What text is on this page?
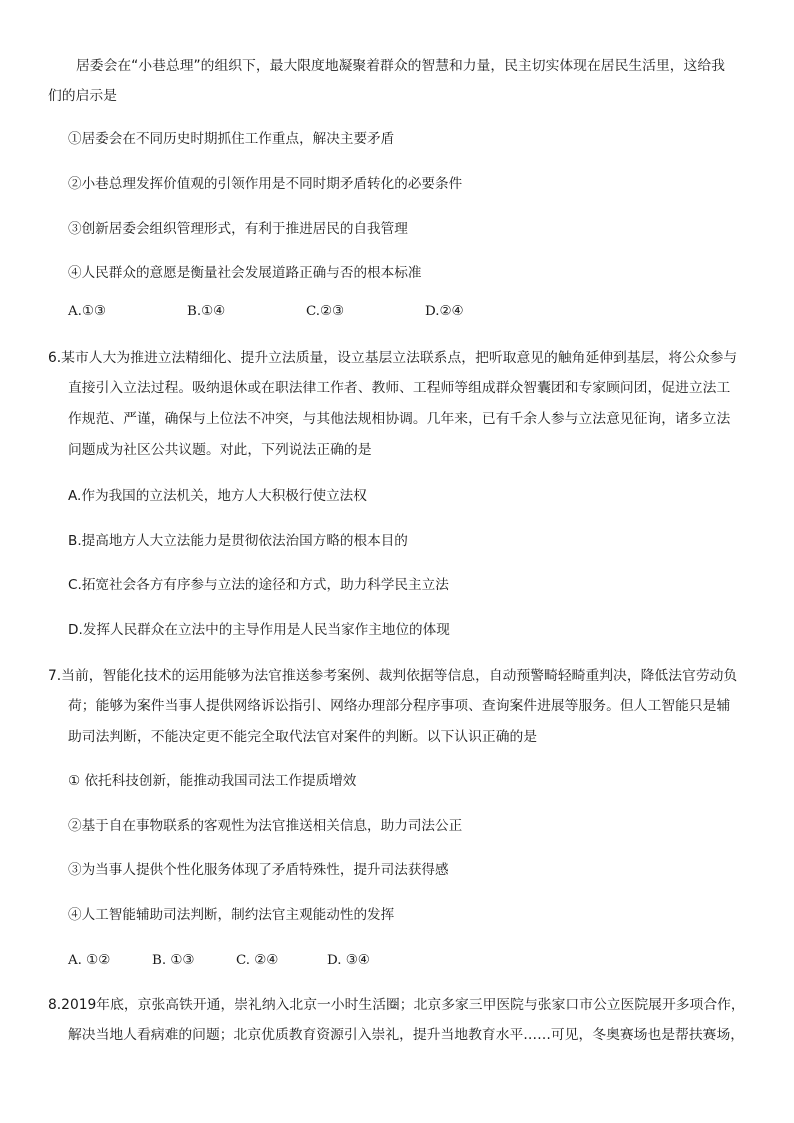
居委会在“小巷总理”的组织下，最大限度地凝聚着群众的智慧和力量，民主切实体现在居民生活里，这给我
们的启示是
①居委会在不同历史时期抓住工作重点，解决主要矛盾
②小巷总理发挥价值观的引领作用是不同时期矛盾转化的必要条件
③创新居委会组织管理形式，有利于推进居民的自我管理
④人民群众的意愿是衡量社会发展道路正确与否的根本标准
A.①③	B.①④	C.②③	D.②④
6.某市人大为推进立法精细化、提升立法质量，设立基层立法联系点，把听取意见的触角延伸到基层，将公众参与
直接引入立法过程。吸纳退休或在职法律工作者、教师、工程师等组成群众智囊团和专家顾问团，促进立法工
作规范、严谨，确保与上位法不冲突，与其他法规相协调。几年来，已有千余人参与立法意见征询，诸多立法
问题成为社区公共议题。对此，下列说法正确的是
A.作为我国的立法机关，地方人大积极行使立法权
B.提高地方人大立法能力是贯彻依法治国方略的根本目的
C.拓宽社会各方有序参与立法的途径和方式，助力科学民主立法
D.发挥人民群众在立法中的主导作用是人民当家作主地位的体现
7.当前，智能化技术的运用能够为法官推送参考案例、裁判依据等信息，自动预警畸轻畸重判决，降低法官劳动负
荷；能够为案件当事人提供网络诉讼指引、网络办理部分程序事项、查询案件进展等服务。但人工智能只是辅
助司法判断，不能决定更不能完全取代法官对案件的判断。以下认识正确的是
① 依托科技创新，能推动我国司法工作提质增效
②基于自在事物联系的客观性为法官推送相关信息，助力司法公正
③为当事人提供个性化服务体现了矛盾特殊性，提升司法获得感
④人工智能辅助司法判断，制约法官主观能动性的发挥
A. ①②	B. ①③	C. ②④	D. ③④
8.2019年底，京张高铁开通，崇礼纳入北京一小时生活圈；北京多家三甲医院与张家口市公立医院展开多项合作，
解决当地人看病难的问题；北京优质教育资源引入崇礼，提升当地教育水平……可见，冬奥赛场也是帮扶赛场，
